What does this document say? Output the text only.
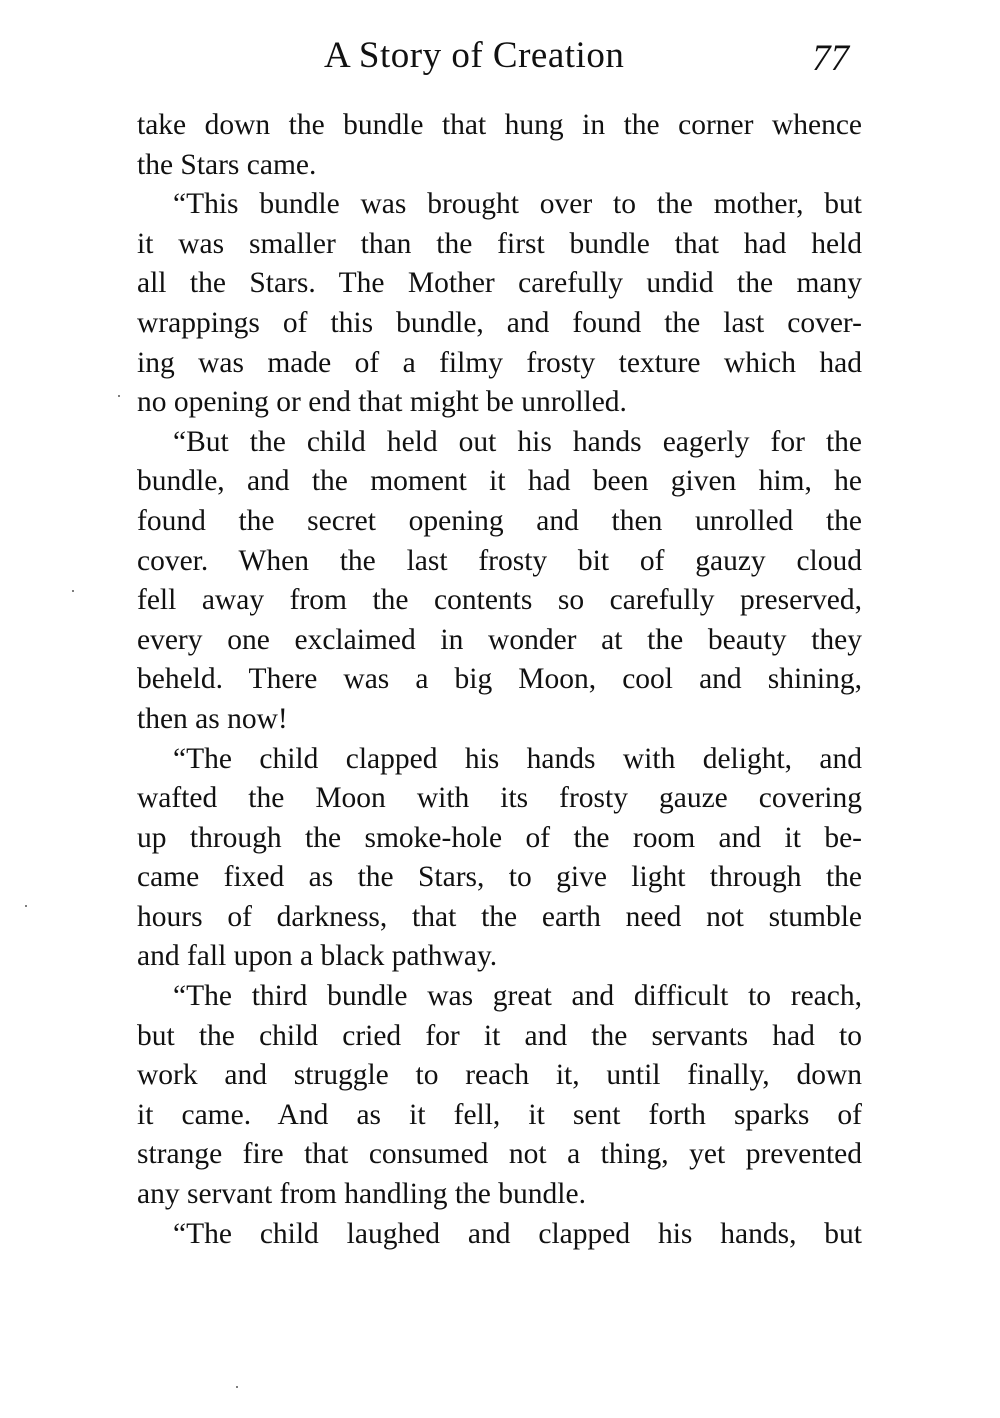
A Story of Creation	77
take down the bundle that hung in the corner whence
the Stars came.
“This bundle was brought over to the mother, but
it was smaller than the first bundle that had held
all the Stars. The Mother carefully undid the many
wrappings of this bundle, and found the last cover-
ing was made of a filmy frosty texture which had
no opening or end that might be unrolled.
“But the child held out his hands eagerly for the
bundle, and the moment it had been given him, he
found the secret opening and then unrolled the
cover. When the last frosty bit of gauzy cloud
fell away from the contents so carefully preserved,
every one exclaimed in wonder at the beauty they
beheld. There was a big Moon, cool and shining,
then as now!
“The child clapped his hands with delight, and
wafted the Moon with its frosty gauze covering
up through the smoke-hole of the room and it be-
came fixed as the Stars, to give light through the
hours of darkness, that the earth need not stumble
and fall upon a black pathway.
“The third bundle was great and difficult to reach,
but the child cried for it and the servants had to
work and struggle to reach it, until finally, down
it came. And as it fell, it sent forth sparks of
strange fire that consumed not a thing, yet prevented
any servant from handling the bundle.
“The child laughed and clapped his hands, but
